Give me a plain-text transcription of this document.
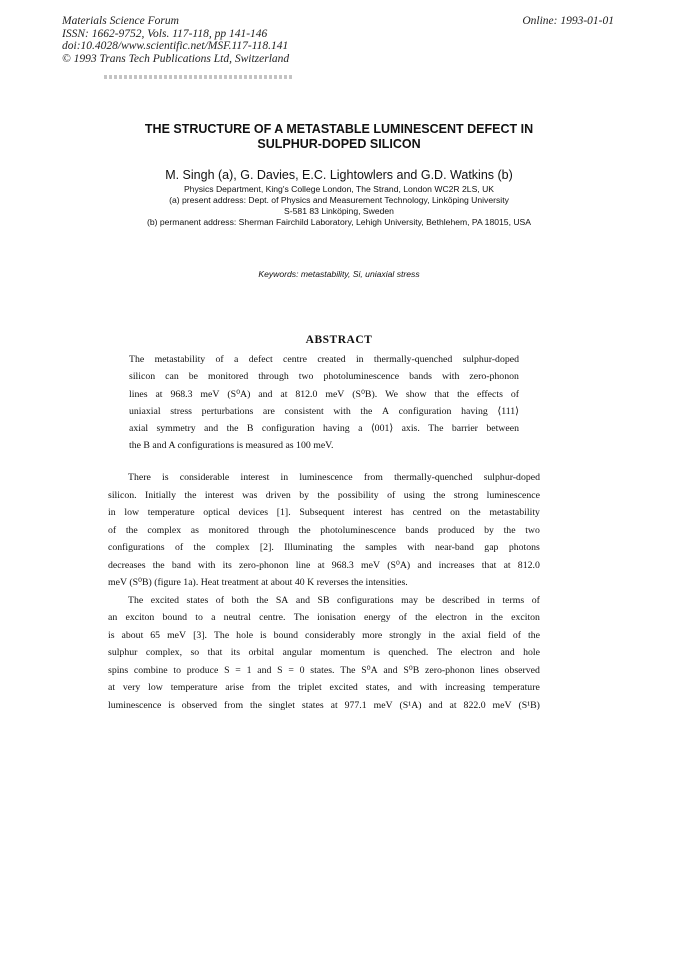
Materials Science Forum
ISSN: 1662-9752, Vols. 117-118, pp 141-146
doi:10.4028/www.scientific.net/MSF.117-118.141
© 1993 Trans Tech Publications Ltd, Switzerland
Online: 1993-01-01
THE STRUCTURE OF A METASTABLE LUMINESCENT DEFECT IN
SULPHUR-DOPED SILICON
M. Singh (a), G. Davies, E.C. Lightowlers and G.D. Watkins (b)
Physics Department, King's College London, The Strand, London WC2R 2LS, UK
(a) present address: Dept. of Physics and Measurement Technology, Linköping University
S-581 83 Linköping, Sweden
(b) permanent address: Sherman Fairchild Laboratory, Lehigh University, Bethlehem, PA 18015, USA
Keywords: metastability, Si, uniaxial stress
ABSTRACT
The metastability of a defect centre created in thermally-quenched sulphur-doped
silicon can be monitored through two photoluminescence bands with zero-phonon
lines at 968.3 meV (S⁰A) and at 812.0 meV (S⁰B). We show that the effects of
uniaxial stress perturbations are consistent with the A configuration having ⟨111⟩
axial symmetry and the B configuration having a ⟨001⟩ axis. The barrier between
the B and A configurations is measured as 100 meV.
There is considerable interest in luminescence from thermally-quenched sulphur-doped
silicon. Initially the interest was driven by the possibility of using the strong luminescence
in low temperature optical devices [1]. Subsequent interest has centred on the metastability
of the complex as monitored through the photoluminescence bands produced by the two
configurations of the complex [2]. Illuminating the samples with near-band gap photons
decreases the band with its zero-phonon line at 968.3 meV (S⁰A) and increases that at 812.0
meV (S⁰B) (figure 1a). Heat treatment at about 40 K reverses the intensities.
The excited states of both the SA and SB configurations may be described in terms of
an exciton bound to a neutral centre. The ionisation energy of the electron in the exciton
is about 65 meV [3]. The hole is bound considerably more strongly in the axial field of the
sulphur complex, so that its orbital angular momentum is quenched. The electron and hole
spins combine to produce S = 1 and S = 0 states. The S⁰A and S⁰B zero-phonon lines observed
at very low temperature arise from the triplet excited states, and with increasing temperature
luminescence is observed from the singlet states at 977.1 meV (S¹A) and at 822.0 meV (S¹B)
